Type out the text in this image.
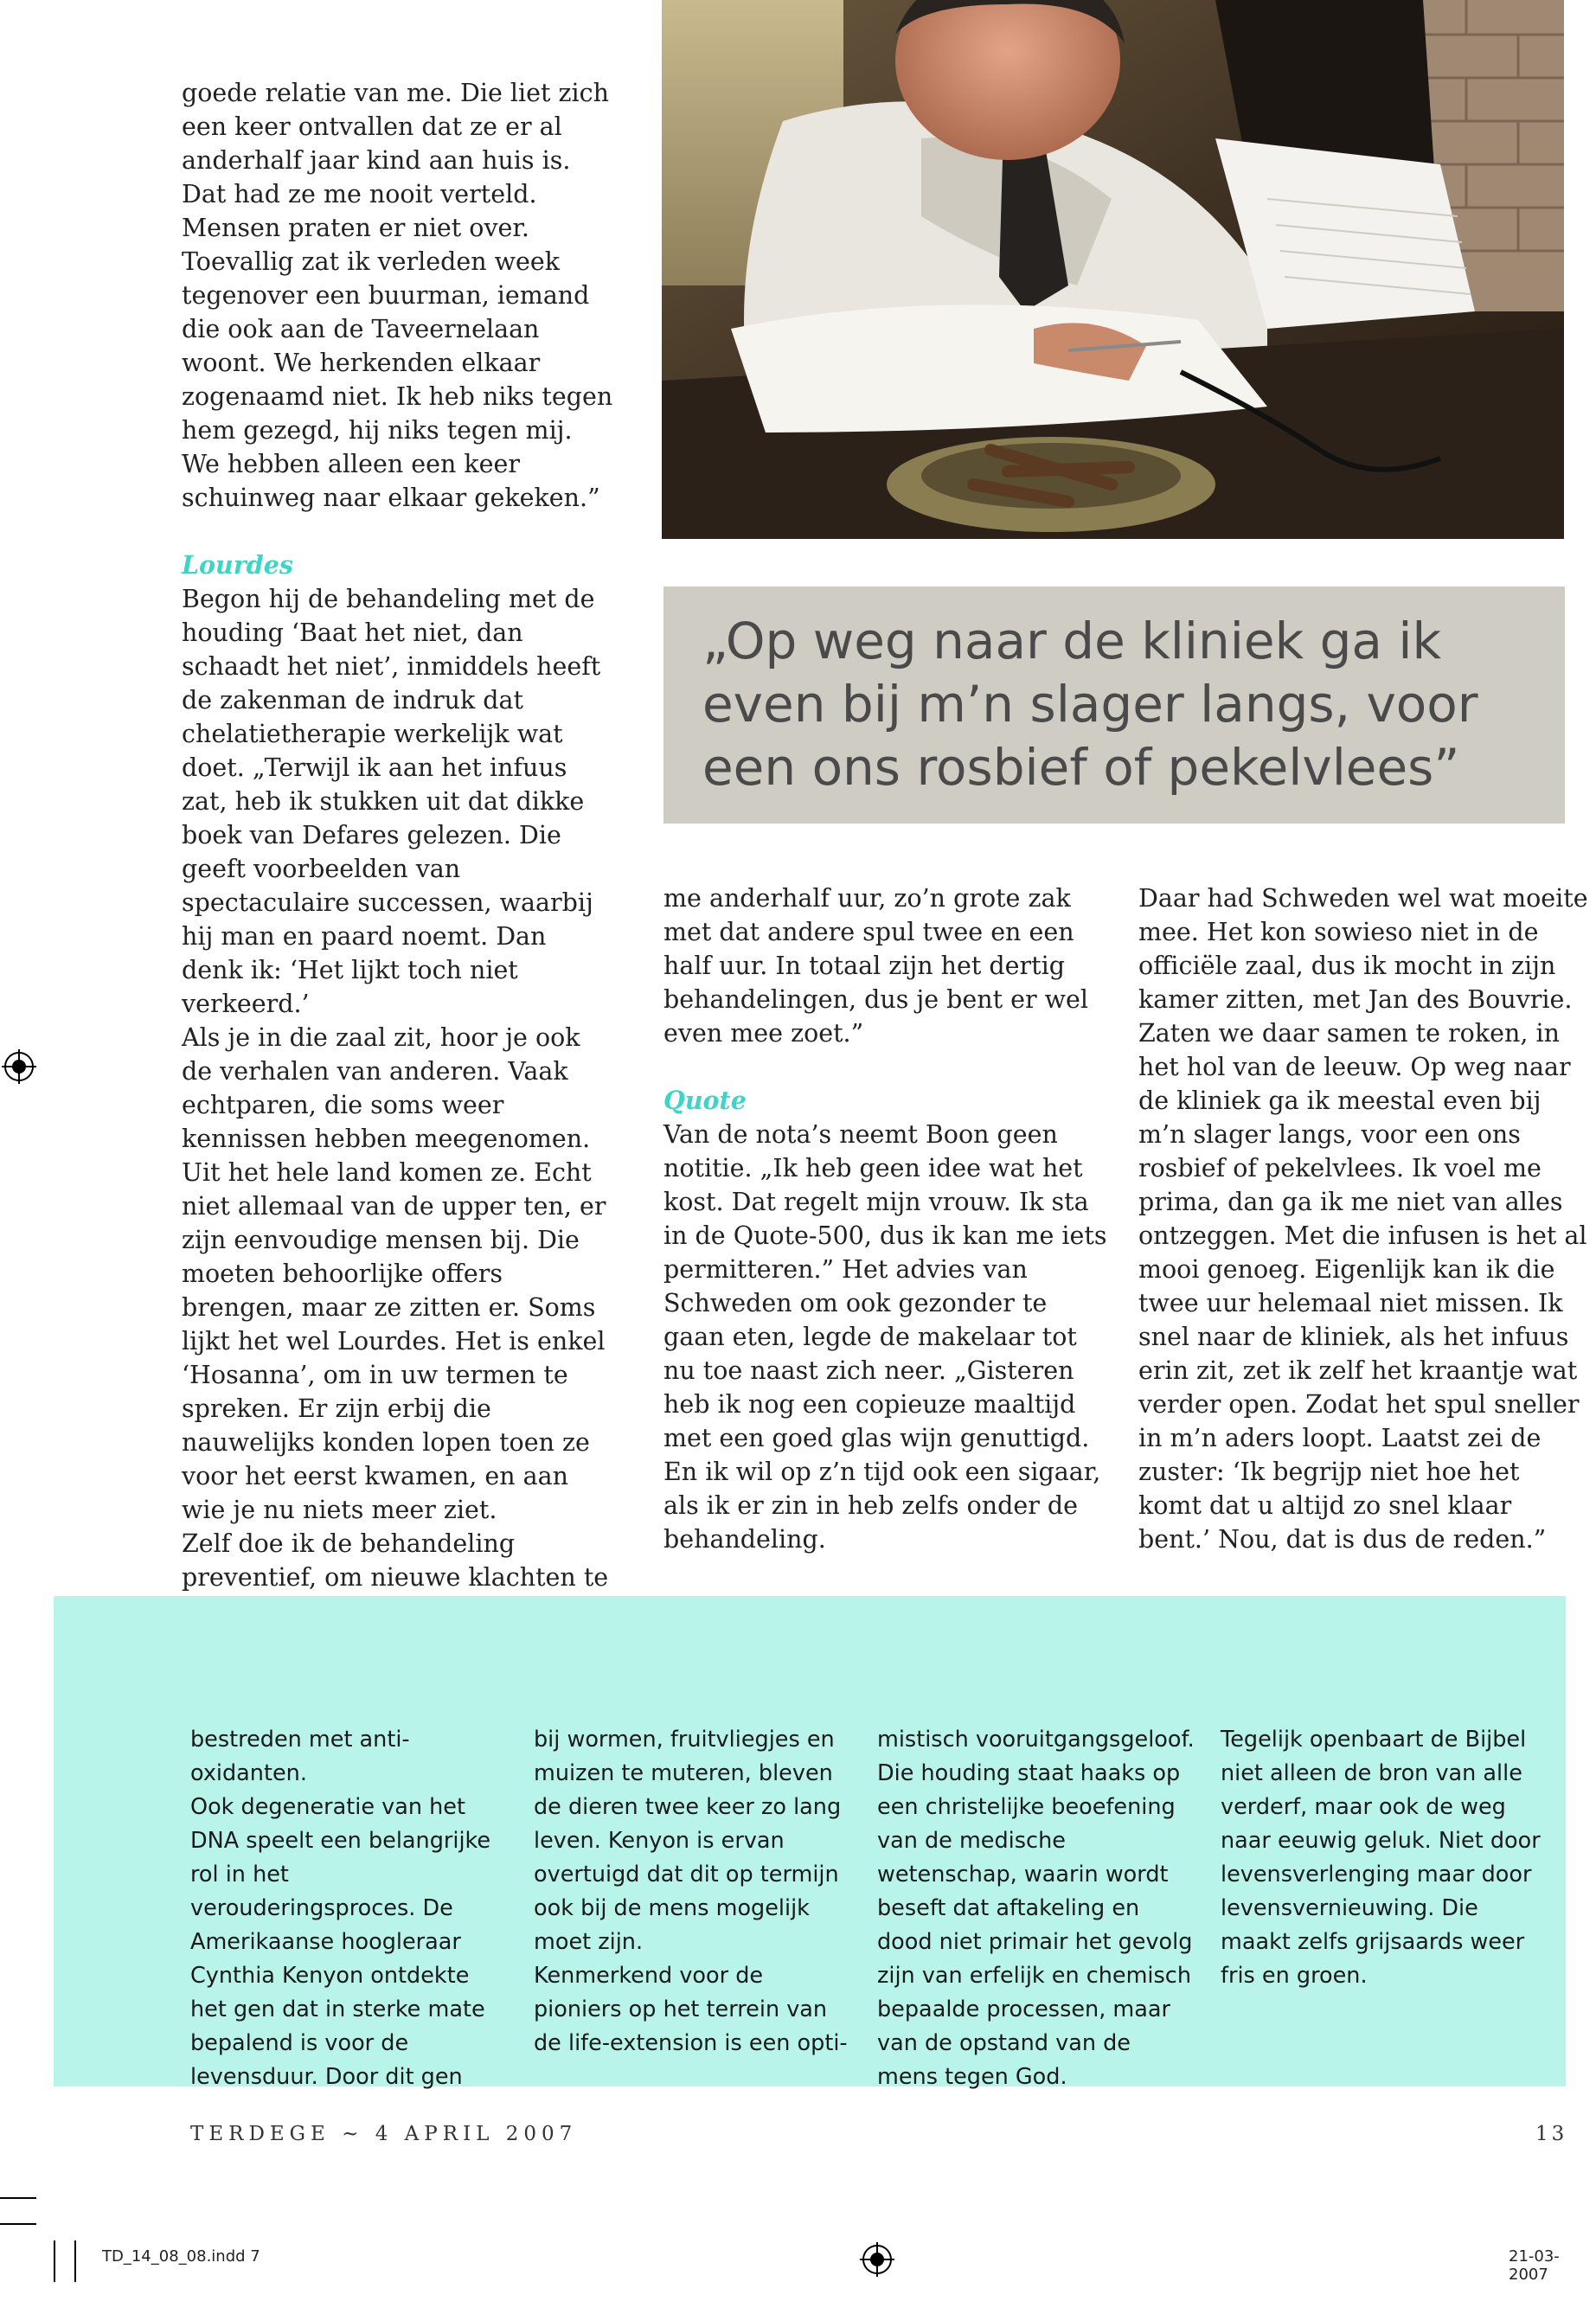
goede relatie van me. Die liet zich een keer ontvallen dat ze er al anderhalf jaar kind aan huis is. Dat had ze me nooit verteld. Mensen praten er niet over. Toevallig zat ik verleden week tegenover een buurman, iemand die ook aan de Taveernelaan woont. We herkenden elkaar zogenaamd niet. Ik heb niks tegen hem gezegd, hij niks tegen mij. We hebben alleen een keer schuinweg naar elkaar gekeken.”

Lourdes

Begon hij de behandeling met de houding ‘Baat het niet, dan schaadt het niet’, inmiddels heeft de zakenman de indruk dat chelatietherapie werkelijk wat doet. „Terwijl ik aan het infuus zat, heb ik stukken uit dat dikke boek van Defares gelezen. Die geeft voorbeelden van spectaculaire successen, waarbij hij man en paard noemt. Dan denk ik: ‘Het lijkt toch niet verkeerd.’

Als je in die zaal zit, hoor je ook de verhalen van anderen. Vaak echtparen, die soms weer kennissen hebben meegenomen. Uit het hele land komen ze. Echt niet allemaal van de upper ten, er zijn eenvoudige mensen bij. Die moeten behoorlijke offers brengen, maar ze zitten er. Soms lijkt het wel Lourdes. Het is enkel ‘Hosanna’, om in uw termen te spreken. Er zijn erbij die nauwelijks konden lopen toen ze voor het eerst kwamen, en aan wie je nu niets meer ziet.

Zelf doe ik de behandeling preventief, om nieuwe klachten te

„Op weg naar de kliniek ga ik even bij m’n slager langs, voor een ons rosbief of pekelvlees”

me anderhalf uur, zo’n grote zak met dat andere spul twee en een half uur. In totaal zijn het dertig behandelingen, dus je bent er wel even mee zoet.”

Quote

Van de nota’s neemt Boon geen notitie. „Ik heb geen idee wat het kost. Dat regelt mijn vrouw. Ik sta in de Quote-500, dus ik kan me iets permitteren.” Het advies van Schweden om ook gezonder te gaan eten, legde de makelaar tot nu toe naast zich neer. „Gisteren heb ik nog een copieuze maaltijd met een goed glas wijn genuttigd. En ik wil op z’n tijd ook een sigaar, als ik er zin in heb zelfs onder de behandeling.

Daar had Schweden wel wat moeite mee. Het kon sowieso niet in de officiële zaal, dus ik mocht in zijn kamer zitten, met Jan des Bouvrie. Zaten we daar samen te roken, in het hol van de leeuw. Op weg naar de kliniek ga ik meestal even bij m’n slager langs, voor een ons rosbief of pekelvlees. Ik voel me prima, dan ga ik me niet van alles ontzeggen. Met die infusen is het al mooi genoeg. Eigenlijk kan ik die twee uur helemaal niet missen. Ik snel naar de kliniek, als het infuus erin zit, zet ik zelf het kraantje wat verder open. Zodat het spul sneller in m’n aders loopt. Laatst zei de zuster: ‘Ik begrijp niet hoe het komt dat u altijd zo snel klaar bent.’ Nou, dat is dus de reden.”

bestreden met anti-oxidanten.

Ook degeneratie van het DNA speelt een belangrijke rol in het verouderingsproces. De Amerikaanse hoogleraar Cynthia Kenyon ontdekte het gen dat in sterke mate bepalend is voor de levensduur. Door dit gen

bij wormen, fruitvliegjes en muizen te muteren, bleven de dieren twee keer zo lang leven. Kenyon is ervan overtuigd dat dit op termijn ook bij de mens mogelijk moet zijn.

Kenmerkend voor de pioniers op het terrein van de life-extension is een opti-

mistisch vooruitgangsgeloof. Die houding staat haaks op een christelijke beoefening van de medische wetenschap, waarin wordt beseft dat aftakeling en dood niet primair het gevolg zijn van erfelijk en chemisch bepaalde processen, maar van de opstand van de mens tegen God.

Tegelijk openbaart de Bijbel niet alleen de bron van alle verderf, maar ook de weg naar eeuwig geluk. Niet door levensverlenging maar door levensvernieuwing. Die maakt zelfs grijsaards weer fris en groen.

TERDEGE ~ 4 APRIL 2007	13
TD_14_08_08.indd 7	21-03-2007
